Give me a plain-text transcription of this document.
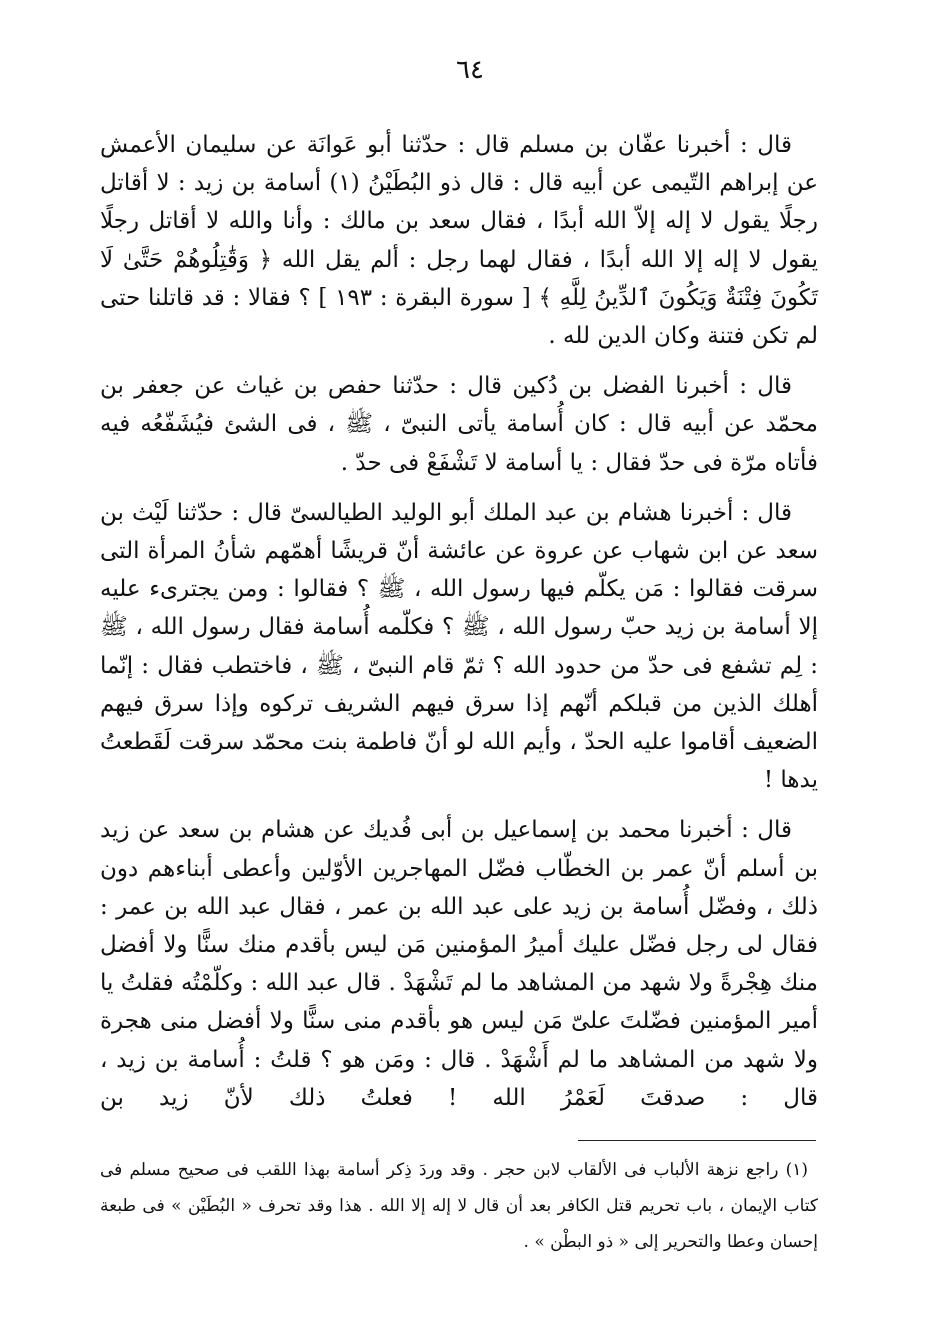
٦٤

قال : أخبرنا عفّان بن مسلم قال : حدّثنا أبو عَوانَة عن سليمان الأعمش عن إبراهم التّيمى عن أبيه قال : قال ذو البُطَيْنُ (١) أسامة بن زيد : لا أقاتل رجلًا يقول لا إله إلاّ الله أبدًا ، فقال سعد بن مالك : وأنا والله لا أقاتل رجلًا يقول لا إله إلا الله أبدًا ، فقال لهما رجل : ألم يقل الله ﴿ وَقَٰتِلُوهُمْ حَتَّىٰ لَا تَكُونَ فِتْنَةٌ وَيَكُونَ ٱلدِّينُ لِلَّهِ ﴾ [ سورة البقرة : ١٩٣ ] ؟ فقالا : قد قاتلنا حتى لم تكن فتنة وكان الدين لله .

قال : أخبرنا الفضل بن دُكين قال : حدّثنا حفص بن غياث عن جعفر بن محمّد عن أبيه قال : كان أُسامة يأتى النبىّ ، ﷺ ، فى الشئ فيُشَفّعُه فيه فأتاه مرّة فى حدّ فقال : يا أسامة لا تَشْفَعْ فى حدّ .

قال : أخبرنا هشام بن عبد الملك أبو الوليد الطيالسىّ قال : حدّثنا لَيْث بن سعد عن ابن شهاب عن عروة عن عائشة أنّ قريشًا أهمّهم شأنُ المرأة التى سرقت فقالوا : مَن يكلّم فيها رسول الله ، ﷺ ؟ فقالوا : ومن يجترىء عليه إلا أسامة بن زيد حبّ رسول الله ، ﷺ ؟ فكلّمه أُسامة فقال رسول الله ، ﷺ : لِم تشفع فى حدّ من حدود الله ؟ ثمّ قام النبىّ ، ﷺ ، فاختطب فقال : إنّما أهلك الذين من قبلكم أنّهم إذا سرق فيهم الشريف تركوه وإذا سرق فيهم الضعيف أقاموا عليه الحدّ ، وأيم الله لو أنّ فاطمة بنت محمّد سرقت لَقَطعتُ يدها !

قال : أخبرنا محمد بن إسماعيل بن أبى فُديك عن هشام بن سعد عن زيد بن أسلم أنّ عمر بن الخطّاب فضّل المهاجرين الأوّلين وأعطى أبناءهم دون ذلك ، وفضّل أُسامة بن زيد على عبد الله بن عمر ، فقال عبد الله بن عمر : فقال لى رجل فضّل عليك أميرُ المؤمنين مَن ليس بأقدم منك سنًّا ولا أفضل منك هِجْرةً ولا شهد من المشاهد ما لم تَشْهَدْ . قال عبد الله : وكلّمْتُه فقلتُ يا أمير المؤمنين فضّلتَ علىّ مَن ليس هو بأقدم منى سنًّا ولا أفضل منى هجرة ولا شهد من المشاهد ما لم أَشْهَدْ . قال : ومَن هو ؟ قلتُ : أُسامة بن زيد ، قال : صدقتَ لَعَمْرُ الله ! فعلتُ ذلك لأنّ زيد بن

(١) راجع نزهة الألباب فى الألقاب لابن حجر . وقد وردَ ذِكر أسامة بهذا اللقب فى صحيح مسلم فى كتاب الإيمان ، باب تحريم قتل الكافر بعد أن قال لا إله إلا الله . هذا وقد تحرف « البُطَيْن » فى طبعة إحسان وعطا والتحرير إلى « ذو البطْن » .
